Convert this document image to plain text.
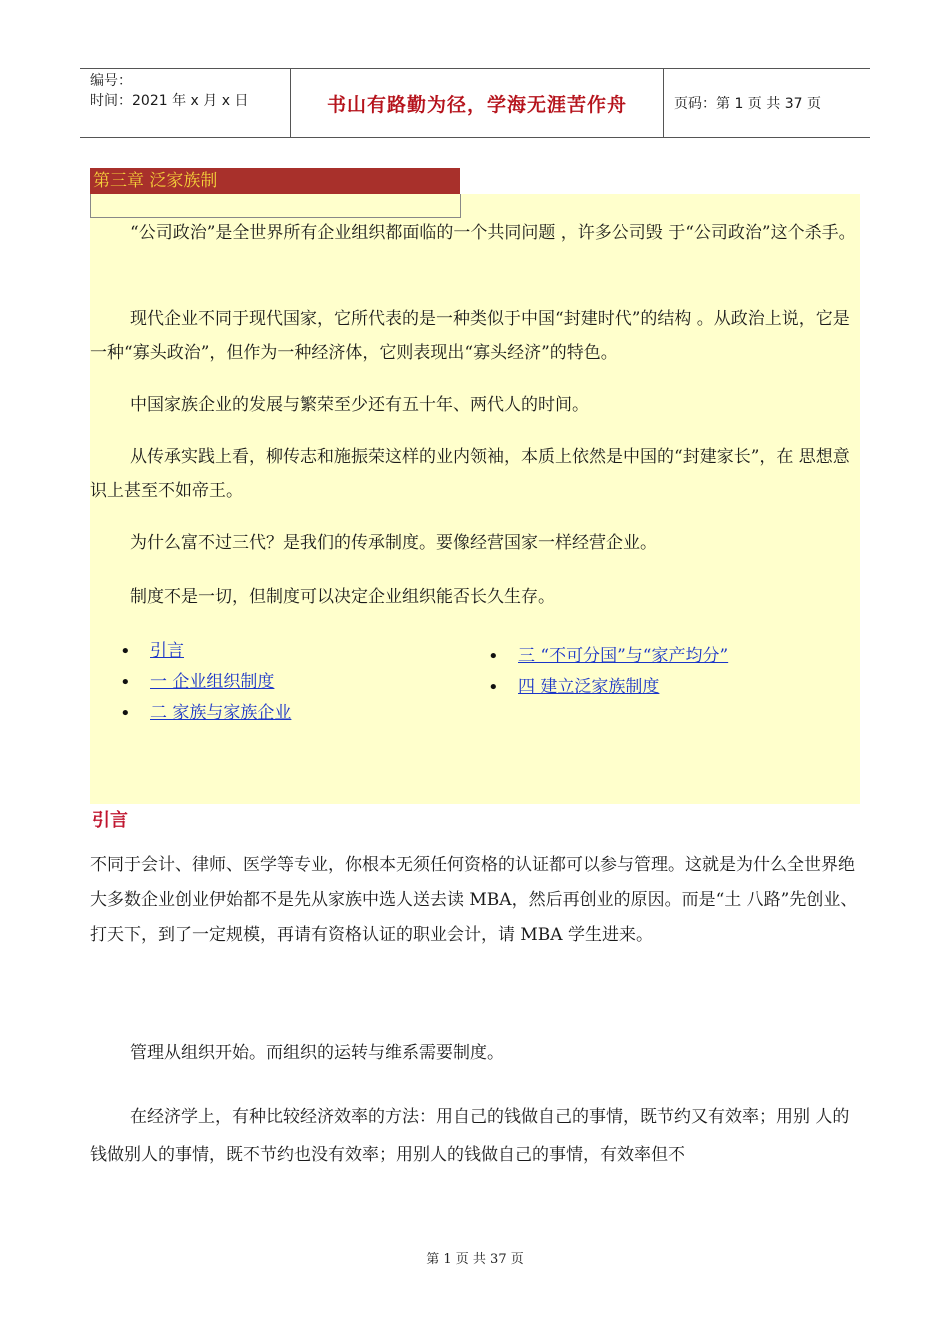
编号：
时间：2021 年 x 月 x 日	书山有路勤为径，学海无涯苦作舟	页码：第 1 页 共 37 页
第三章 泛家族制
“公司政治”是全世界所有企业组织都面临的一个共同问题 ，许多公司毁 于“公司政治”这个杀手。
现代企业不同于现代国家，它所代表的是一种类似于中国“封建时代”的结构 。从政治上说，它是一种“寡头政治”，但作为一种经济体，它则表现出“寡头经济”的特色。
中国家族企业的发展与繁荣至少还有五十年、两代人的时间。
从传承实践上看，柳传志和施振荣这样的业内领袖，本质上依然是中国的“封建家长”，在 思想意识上甚至不如帝王。
为什么富不过三代？是我们的传承制度。要像经营国家一样经营企业。
制度不是一切，但制度可以决定企业组织能否长久生存。
• 引言
• 一 企业组织制度
• 二 家族与家族企业
• 三 “不可分国”与“家产均分”
• 四 建立泛家族制度
引言
不同于会计、律师、医学等专业，你根本无须任何资格的认证都可以参与管理。这就是为什么全世界绝大多数企业创业伊始都不是先从家族中选人送去读 MBA，然后再创业的原因。而是“土 八路”先创业、打天下，到了一定规模，再请有资格认证的职业会计，请 MBA 学生进来。
管理从组织开始。而组织的运转与维系需要制度。
在经济学上，有种比较经济效率的方法：用自己的钱做自己的事情，既节约又有效率；用别 人的钱做别人的事情，既不节约也没有效率；用别人的钱做自己的事情，有效率但不
第 1 页 共 37 页
